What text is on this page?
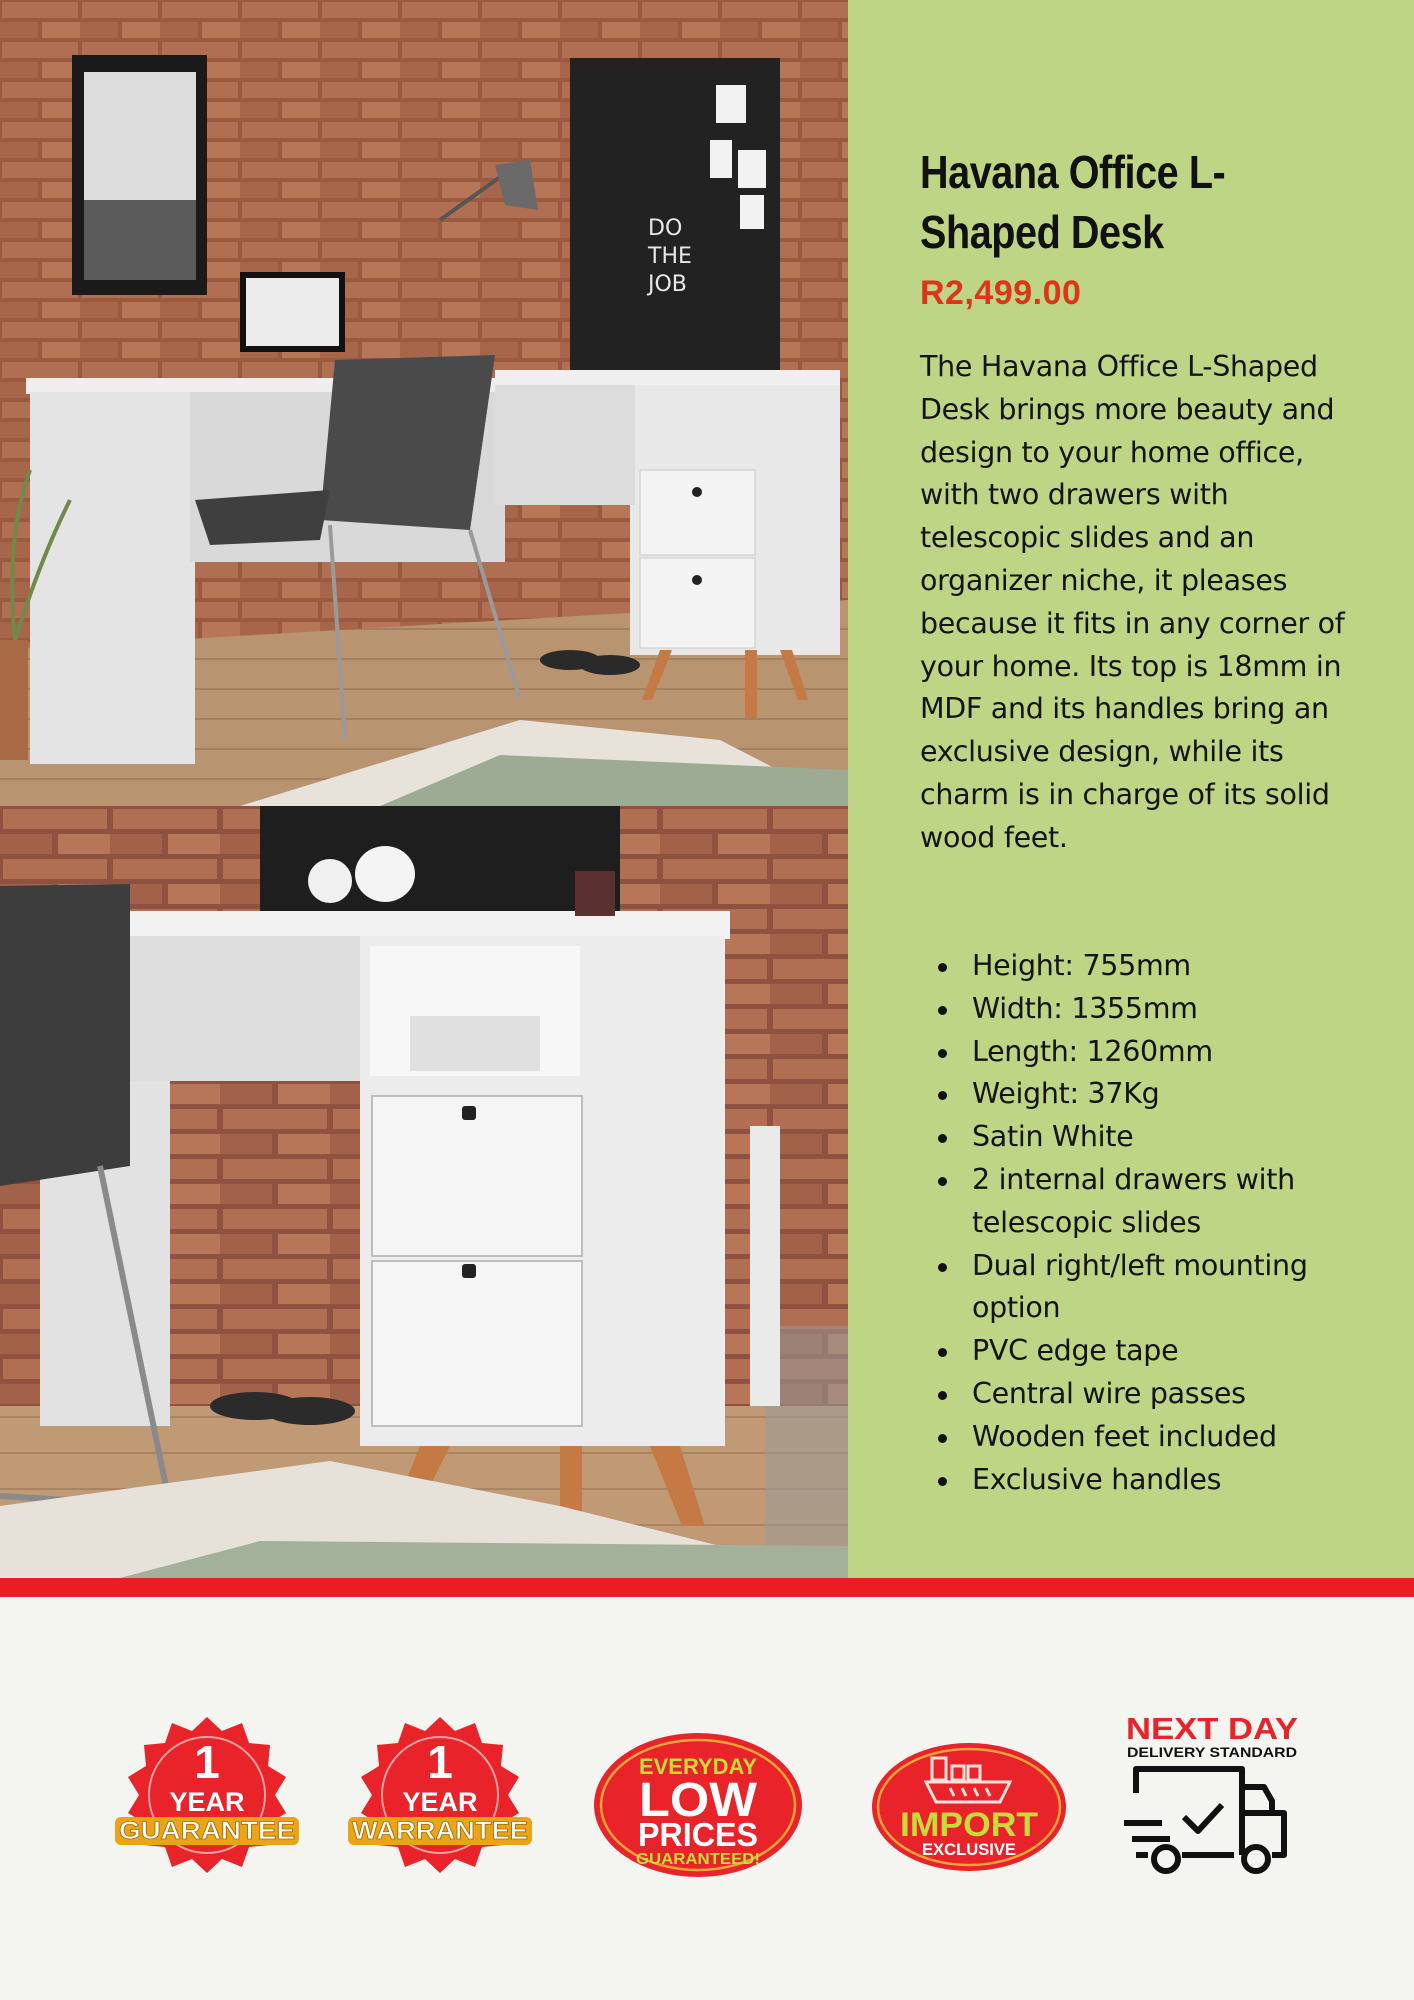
DO THE JOB
Havana Office L-
Shaped Desk
R2,499.00

The Havana Office L-Shaped Desk brings more beauty and design to your home office, with two drawers with telescopic slides and an organizer niche, it pleases because it fits in any corner of your home. Its top is 18mm in MDF and its handles bring an exclusive design, while its charm is in charge of its solid wood feet.

Height: 755mm
Width: 1355mm
Length: 1260mm
Weight: 37Kg
Satin White
2 internal drawers with telescopic slides
Dual right/left mounting option
PVC edge tape
Central wire passes
Wooden feet included
Exclusive handles
1
YEAR
GUARANTEE
1
YEAR
WARRANTEE
EVERYDAY
LOW
PRICES
GUARANTEED!
IMPORT
EXCLUSIVE
NEXT DAY
DELIVERY STANDARD
